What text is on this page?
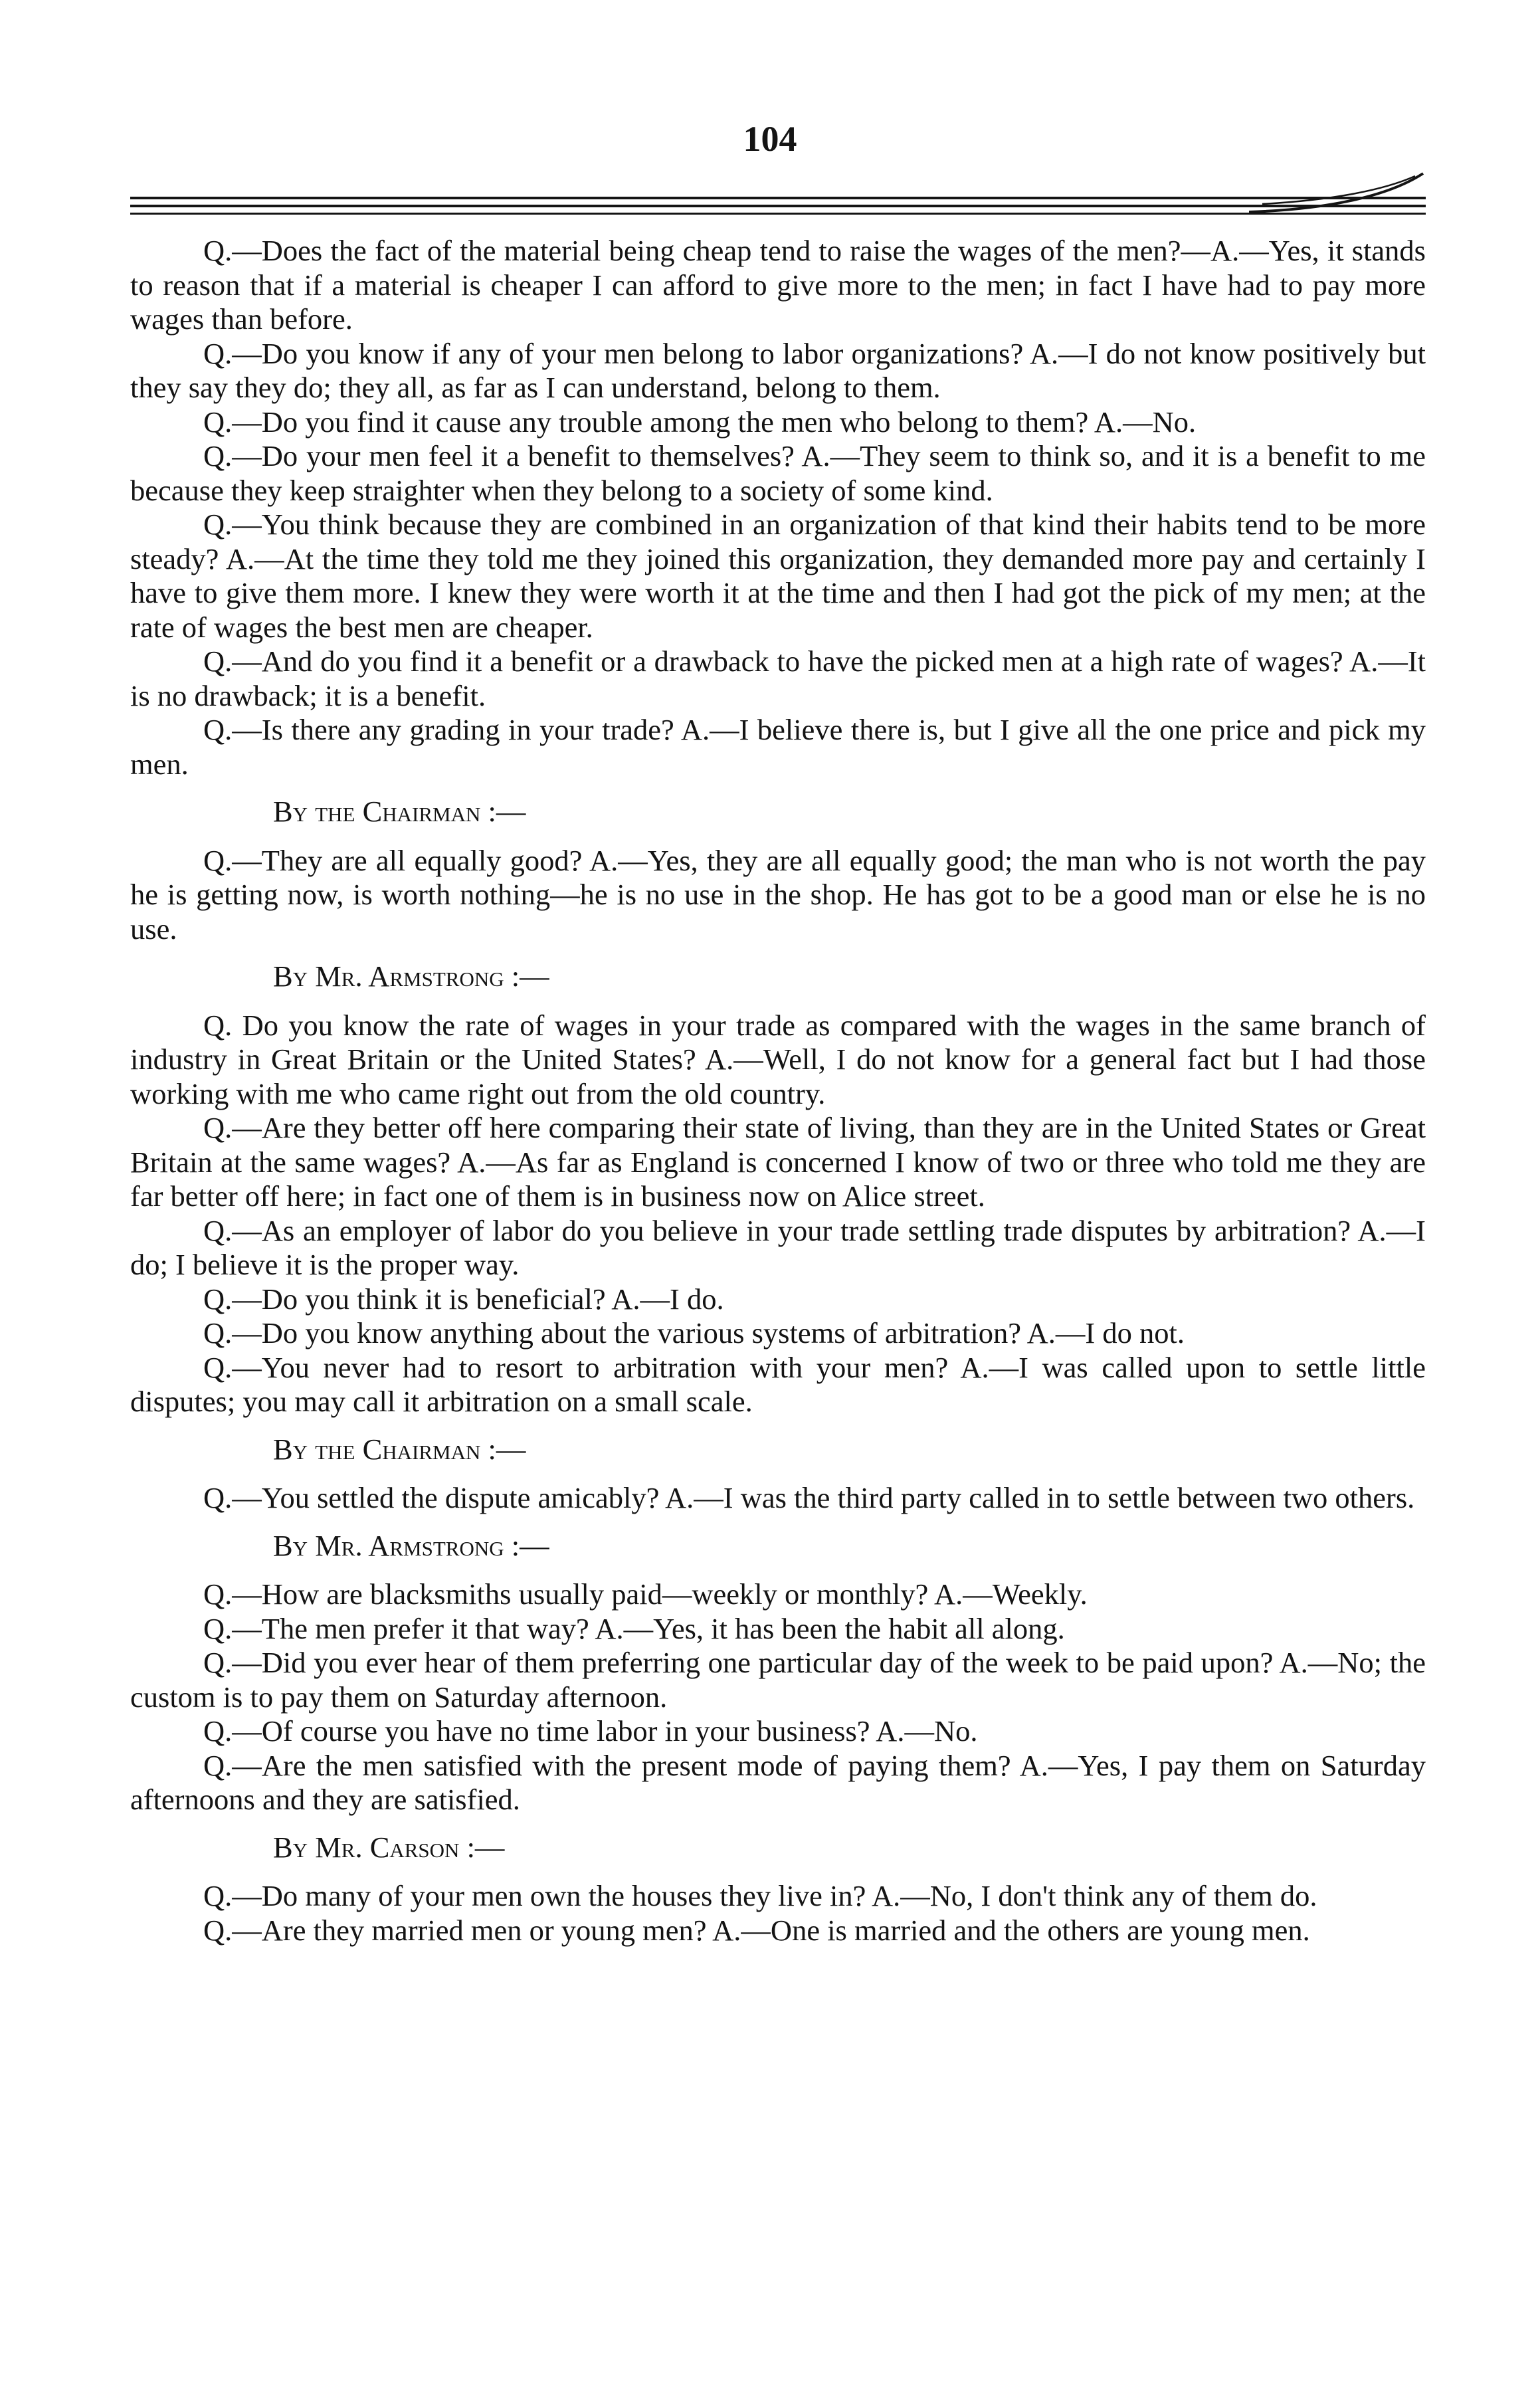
104

Q.—Does the fact of the material being cheap tend to raise the wages of the men?—A.—Yes, it stands to reason that if a material is cheaper I can afford to give more to the men; in fact I have had to pay more wages than before.

Q.—Do you know if any of your men belong to labor organizations? A.—I do not know positively but they say they do; they all, as far as I can understand, belong to them.

Q.—Do you find it cause any trouble among the men who belong to them? A.—No.

Q.—Do your men feel it a benefit to themselves? A.—They seem to think so, and it is a benefit to me because they keep straighter when they belong to a society of some kind.

Q.—You think because they are combined in an organization of that kind their habits tend to be more steady? A.—At the time they told me they joined this organization, they demanded more pay and certainly I have to give them more. I knew they were worth it at the time and then I had got the pick of my men; at the rate of wages the best men are cheaper.

Q.—And do you find it a benefit or a drawback to have the picked men at a high rate of wages? A.—It is no drawback; it is a benefit.

Q.—Is there any grading in your trade? A.—I believe there is, but I give all the one price and pick my men.

By the Chairman :—

Q.—They are all equally good? A.—Yes, they are all equally good; the man who is not worth the pay he is getting now, is worth nothing—he is no use in the shop. He has got to be a good man or else he is no use.

By Mr. Armstrong :—

Q. Do you know the rate of wages in your trade as compared with the wages in the same branch of industry in Great Britain or the United States? A.—Well, I do not know for a general fact but I had those working with me who came right out from the old country.

Q.—Are they better off here comparing their state of living, than they are in the United States or Great Britain at the same wages? A.—As far as England is concerned I know of two or three who told me they are far better off here; in fact one of them is in business now on Alice street.

Q.—As an employer of labor do you believe in your trade settling trade disputes by arbitration? A.—I do; I believe it is the proper way.

Q.—Do you think it is beneficial? A.—I do.

Q.—Do you know anything about the various systems of arbitration? A.—I do not.

Q.—You never had to resort to arbitration with your men? A.—I was called upon to settle little disputes; you may call it arbitration on a small scale.

By the Chairman :—

Q.—You settled the dispute amicably? A.—I was the third party called in to settle between two others.

By Mr. Armstrong :—

Q.—How are blacksmiths usually paid—weekly or monthly? A.—Weekly.

Q.—The men prefer it that way? A.—Yes, it has been the habit all along.

Q.—Did you ever hear of them preferring one particular day of the week to be paid upon? A.—No; the custom is to pay them on Saturday afternoon.

Q.—Of course you have no time labor in your business? A.—No.

Q.—Are the men satisfied with the present mode of paying them? A.—Yes, I pay them on Saturday afternoons and they are satisfied.

By Mr. Carson :—

Q.—Do many of your men own the houses they live in? A.—No, I don't think any of them do.

Q.—Are they married men or young men? A.—One is married and the others are young men.
